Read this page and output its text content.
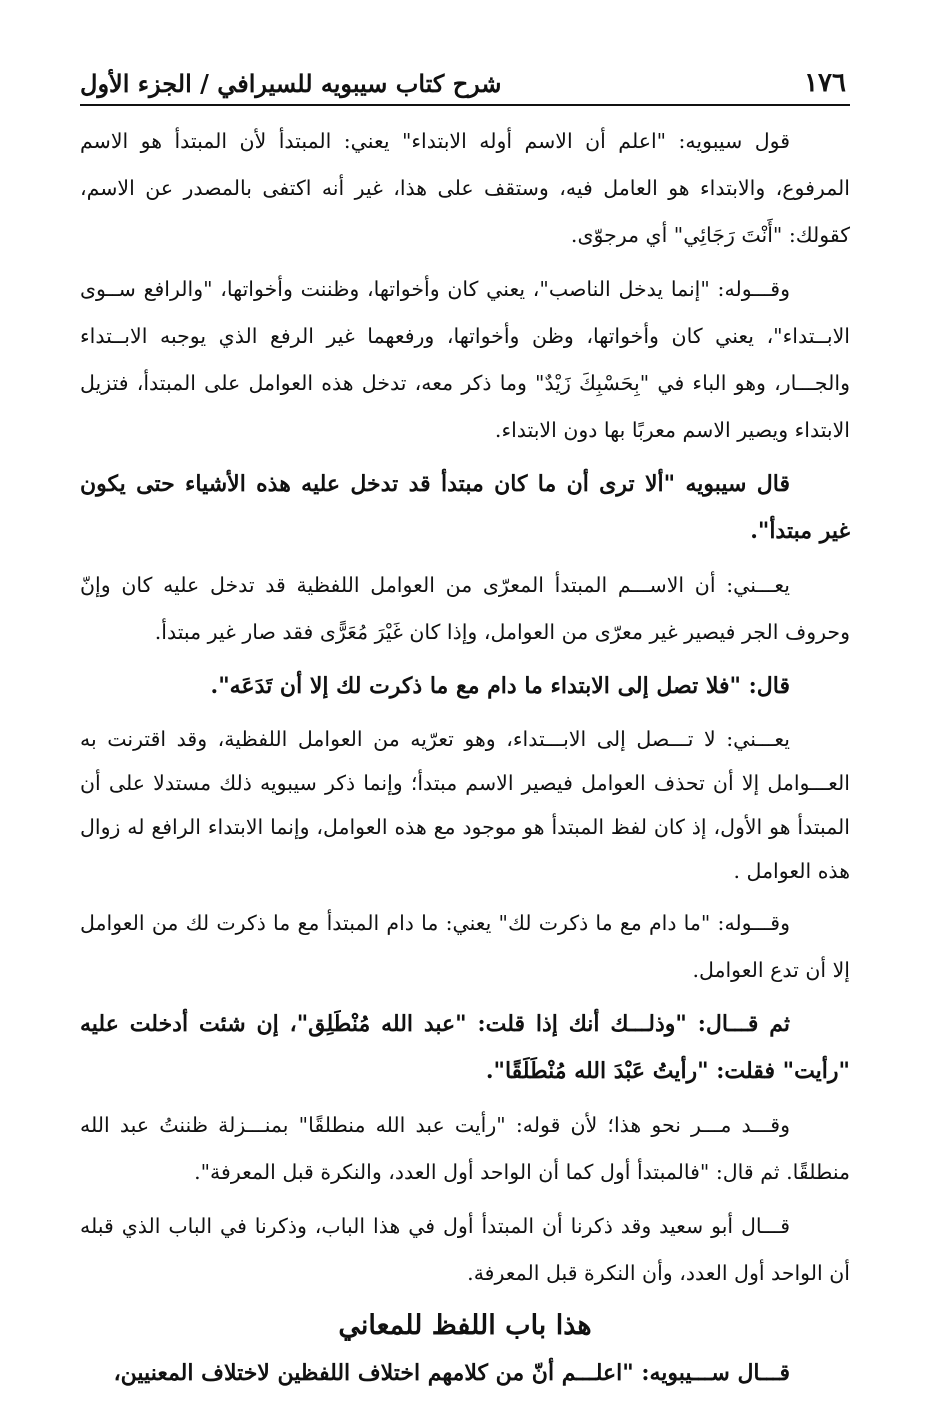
١٧٦
شرح كتاب سيبويه للسيرافي / الجزء الأول

قول سيبويه: "اعلم أن الاسم أوله الابتداء" يعني: المبتدأ لأن المبتدأ هو الاسم المرفوع، والابتداء هو العامل فيه، وستقف على هذا، غير أنه اكتفى بالمصدر عن الاسم، كقولك: "أَنْتَ رَجَائِي" أي مرجوّى.

وقـــوله: "إنما يدخل الناصب"، يعني كان وأخواتها، وظننت وأخواتها، "والرافع ســوى الابــتداء"، يعني كان وأخواتها، وظن وأخواتها، ورفعهما غير الرفع الذي يوجبه الابــتداء والجـــار، وهو الباء في "بِحَسْبِكَ زَيْدٌ" وما ذكر معه، تدخل هذه العوامل على المبتدأ، فتزيل الابتداء ويصير الاسم معربًا بها دون الابتداء.

قال سيبويه "ألا ترى أن ما كان مبتدأ قد تدخل عليه هذه الأشياء حتى يكون غير مبتدأ".

يعـــني: أن الاســـم المبتدأ المعرّى من العوامل اللفظية قد تدخل عليه كان وإنّ وحروف الجر فيصير غير معرّى من العوامل، وإذا كان غَيْرَ مُعَرًّى فقد صار غير مبتدأ.

قال: "فلا تصل إلى الابتداء ما دام مع ما ذكرت لك إلا أن تَدَعَه".

يعـــني: لا تـــصل إلى الابـــتداء، وهو تعرّيه من العوامل اللفظية، وقد اقترنت به العـــوامل إلا أن تحذف العوامل فيصير الاسم مبتدأ؛ وإنما ذكر سيبويه ذلك مستدلا على أن المبتدأ هو الأول، إذ كان لفظ المبتدأ هو موجود مع هذه العوامل، وإنما الابتداء الرافع له زوال هذه العوامل .

وقـــوله: "ما دام مع ما ذكرت لك" يعني: ما دام المبتدأ مع ما ذكرت لك من العوامل إلا أن تدع العوامل.

ثم قـــال: "وذلـــك أنك إذا قلت: "عبد الله مُنْطَلِق"، إن شئت أدخلت عليه "رأيت" فقلت: "رأيتُ عَبْدَ الله مُنْطَلَقًا".

وقـــد مـــر نحو هذا؛ لأن قوله: "رأيت عبد الله منطلقًا" بمنـــزلة ظننتُ عبد الله منطلقًا. ثم قال: "فالمبتدأ أول كما أن الواحد أول العدد، والنكرة قبل المعرفة".

قـــال أبو سعيد وقد ذكرنا أن المبتدأ أول في هذا الباب، وذكرنا في الباب الذي قبله أن الواحد أول العدد، وأن النكرة قبل المعرفة.

هذا باب اللفظ للمعاني

قـــال ســـيبويه: "اعلـــم أنّ من كلامهم اختلاف اللفظين لاختلاف المعنيين،
